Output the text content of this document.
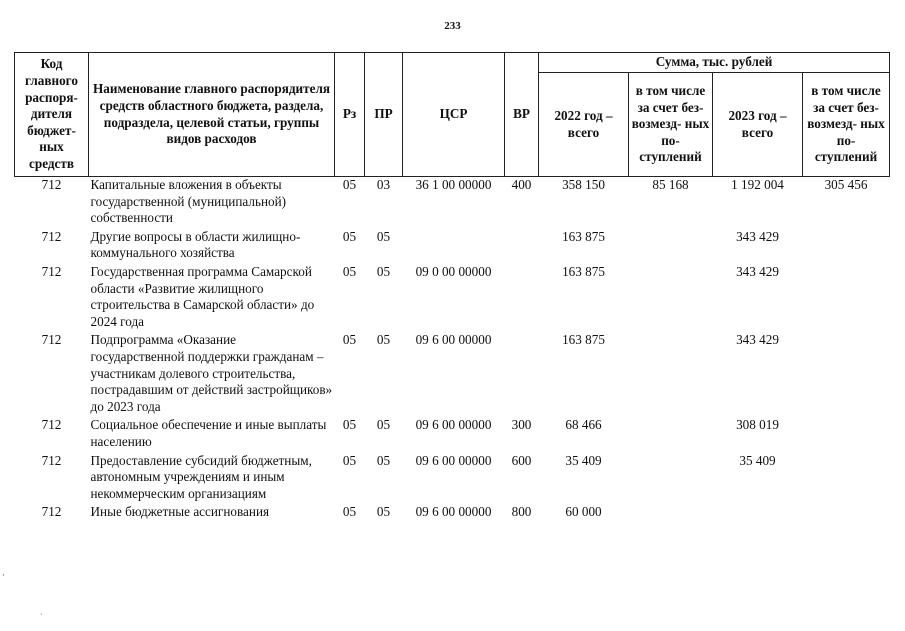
233
Код главного распоря- дителя бюджет- ных средств	Наименование главного распорядителя средств областного бюджета, раздела, подраздела, целевой статьи, группы видов расходов	Рз	ПР	ЦСР	ВР	Сумма, тыс. рублей			
						2022 год – всего	в том числе за счет без- возмезд- ных по- ступлений	2023 год – всего	в том числе за счет без- возмезд- ных по- ступлений
712	Капитальные вложения в объекты государственной (муниципальной) собственности	05	03	36 1 00 00000	400	358 150	85 168	1 192 004	305 456
712	Другие вопросы в области жилищно-коммунального хозяйства	05	05			163 875		343 429	
712	Государственная программа Самарской области «Развитие жилищного строительства в Самарской области» до 2024 года	05	05	09 0 00 00000		163 875		343 429	
712	Подпрограмма «Оказание государственной поддержки гражданам – участникам долевого строительства, пострадавшим от действий застройщиков» до 2023 года	05	05	09 6 00 00000		163 875		343 429	
712	Социальное обеспечение и иные выплаты населению	05	05	09 6 00 00000	300	68 466		308 019	
712	Предоставление субсидий бюджетным, автономным учреждениям и иным некоммерческим организациям	05	05	09 6 00 00000	600	35 409		35 409	
712	Иные бюджетные ассигнования	05	05	09 6 00 00000	800	60 000			
·
·
